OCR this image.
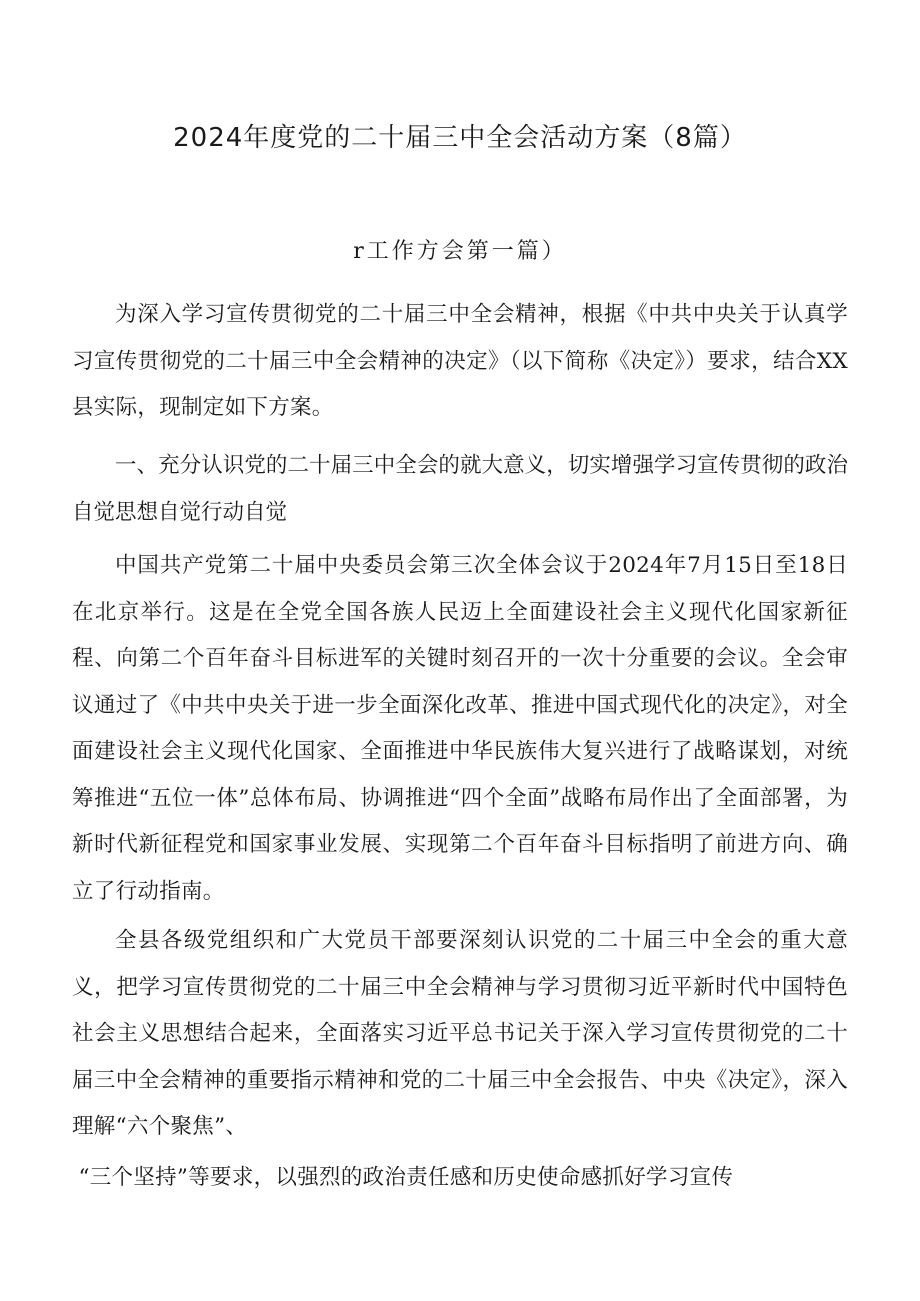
2024年度党的二十届三中全会活动方案（8篇）
r工作方会第一篇）

为深入学习宣传贯彻党的二十届三中全会精神，根据《中共中央关于认真学习宣传贯彻党的二十届三中全会精神的决定》（以下简称《决定》）要求，结合XX县实际，现制定如下方案。

一、充分认识党的二十届三中全会的就大意义，切实增强学习宣传贯彻的政治自觉思想自觉行动自觉

中国共产党第二十届中央委员会第三次全体会议于2024年7月15日至18日在北京举行。这是在全党全国各族人民迈上全面建设社会主义现代化国家新征程、向第二个百年奋斗目标进军的关键时刻召开的一次十分重要的会议。全会审议通过了《中共中央关于进一步全面深化改革、推进中国式现代化的决定》，对全面建设社会主义现代化国家、全面推进中华民族伟大复兴进行了战略谋划，对统筹推进“五位一体”总体布局、协调推进“四个全面”战略布局作出了全面部署，为新时代新征程党和国家事业发展、实现第二个百年奋斗目标指明了前进方向、确立了行动指南。

全县各级党组织和广大党员干部要深刻认识党的二十届三中全会的重大意义，把学习宣传贯彻党的二十届三中全会精神与学习贯彻习近平新时代中国特色社会主义思想结合起来，全面落实习近平总书记关于深入学习宣传贯彻党的二十届三中全会精神的重要指示精神和党的二十届三中全会报告、中央《决定》，深入理解“六个聚焦”、

“三个坚持”等要求，以强烈的政治责任感和历史使命感抓好学习宣传
